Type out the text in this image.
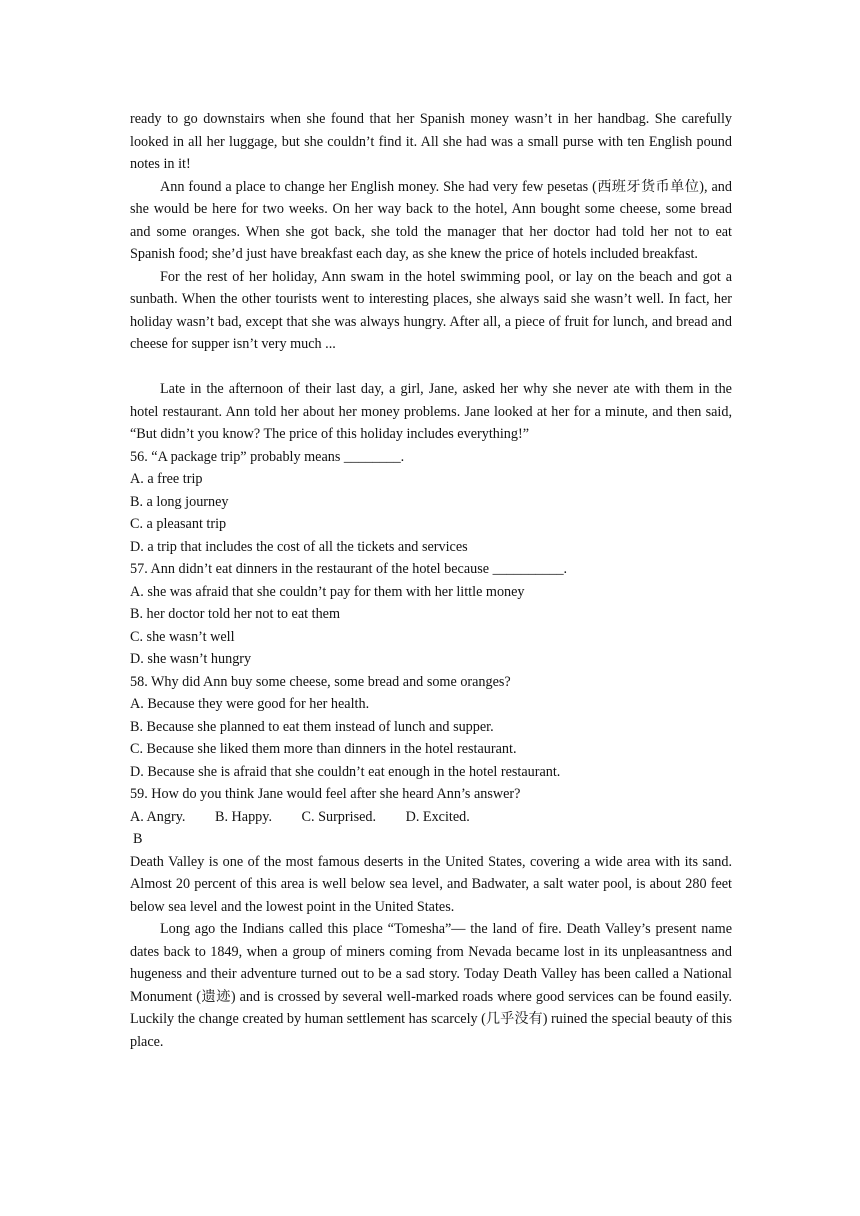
ready to go downstairs when she found that her Spanish money wasn’t in her handbag. She carefully looked in all her luggage, but she couldn’t find it. All she had was a small purse with ten English pound notes in it!

Ann found a place to change her English money. She had very few pesetas (西班牙货币单位), and she would be here for two weeks. On her way back to the hotel, Ann bought some cheese, some bread and some oranges. When she got back, she told the manager that her doctor had told her not to eat Spanish food; she’d just have breakfast each day, as she knew the price of hotels included breakfast.

For the rest of her holiday, Ann swam in the hotel swimming pool, or lay on the beach and got a sunbath. When the other tourists went to interesting places, she always said she wasn’t well. In fact, her holiday wasn’t bad, except that she was always hungry. After all, a piece of fruit for lunch, and bread and cheese for supper isn’t very much ...

Late in the afternoon of their last day, a girl, Jane, asked her why she never ate with them in the hotel restaurant. Ann told her about her money problems. Jane looked at her for a minute, and then said, “But didn’t you know? The price of this holiday includes everything!”

56. “A package trip” probably means ________.

A. a free trip

B. a long journey

C. a pleasant trip

D. a trip that includes the cost of all the tickets and services

57. Ann didn’t eat dinners in the restaurant of the hotel because __________.

A. she was afraid that she couldn’t pay for them with her little money

B. her doctor told her not to eat them

C. she wasn’t well

D. she wasn’t hungry

58. Why did Ann buy some cheese, some bread and some oranges?

A. Because they were good for her health.

B. Because she planned to eat them instead of lunch and supper.

C. Because she liked them more than dinners in the hotel restaurant.

D. Because she is afraid that she couldn’t eat enough in the hotel restaurant.

59. How do you think Jane would feel after she heard Ann’s answer?

A. Angry. B. Happy. C. Surprised. D. Excited.

B

Death Valley is one of the most famous deserts in the United States, covering a wide area with its sand. Almost 20 percent of this area is well below sea level, and Badwater, a salt water pool, is about 280 feet below sea level and the lowest point in the United States.

Long ago the Indians called this place “Tomesha”— the land of fire. Death Valley’s present name dates back to 1849, when a group of miners coming from Nevada became lost in its unpleasantness and hugeness and their adventure turned out to be a sad story. Today Death Valley has been called a National Monument (遗迹) and is crossed by several well-marked roads where good services can be found easily. Luckily the change created by human settlement has scarcely (几乎没有) ruined the special beauty of this place.
